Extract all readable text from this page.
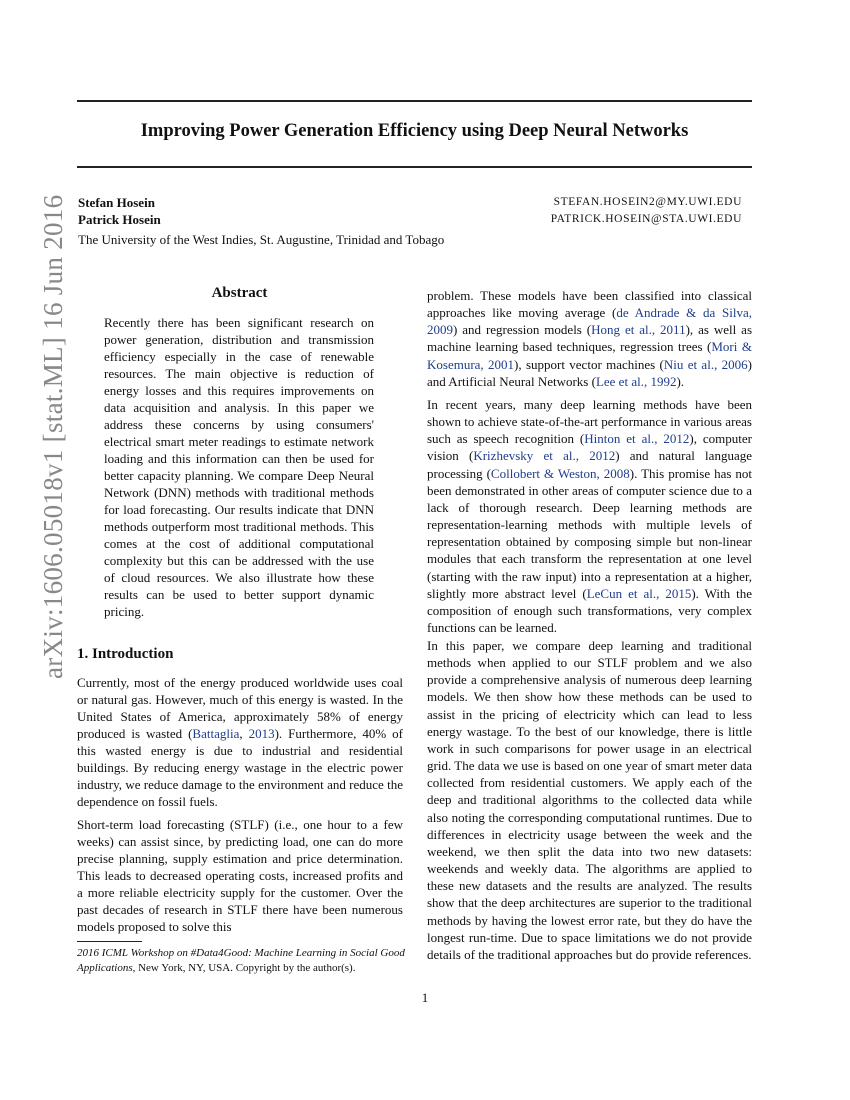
Improving Power Generation Efficiency using Deep Neural Networks
Stefan Hosein	STEFAN.HOSEIN2@MY.UWI.EDU
Patrick Hosein	PATRICK.HOSEIN@STA.UWI.EDU
The University of the West Indies, St. Augustine, Trinidad and Tobago
arXiv:1606.05018v1 [stat.ML] 16 Jun 2016	Abstract
Recently there has been significant research on power generation, distribution and transmission efficiency especially in the case of renewable resources. The main objective is reduction of energy losses and this requires improvements on data acquisition and analysis. In this paper we address these concerns by using consumers' electrical smart meter readings to estimate network loading and this information can then be used for better capacity planning. We compare Deep Neural Network (DNN) methods with traditional methods for load forecasting. Our results indicate that DNN methods outperform most traditional methods. This comes at the cost of additional computational complexity but this can be addressed with the use of cloud resources. We also illustrate how these results can be used to better support dynamic pricing.
1. Introduction

Currently, most of the energy produced worldwide uses coal or natural gas. However, much of this energy is wasted. In the United States of America, approximately 58% of energy produced is wasted (Battaglia, 2013). Furthermore, 40% of this wasted energy is due to industrial and residential buildings. By reducing energy wastage in the electric power industry, we reduce damage to the environment and reduce the dependence on fossil fuels.

Short-term load forecasting (STLF) (i.e., one hour to a few weeks) can assist since, by predicting load, one can do more precise planning, supply estimation and price determination. This leads to decreased operating costs, increased profits and a more reliable electricity supply for the customer. Over the past decades of research in STLF there have been numerous models proposed to solve this

2016 ICML Workshop on #Data4Good: Machine Learning in Social Good Applications, New York, NY, USA. Copyright by the author(s).

problem. These models have been classified into classical approaches like moving average (de Andrade & da Silva, 2009) and regression models (Hong et al., 2011), as well as machine learning based techniques, regression trees (Mori & Kosemura, 2001), support vector machines (Niu et al., 2006) and Artificial Neural Networks (Lee et al., 1992).

In recent years, many deep learning methods have been shown to achieve state-of-the-art performance in various areas such as speech recognition (Hinton et al., 2012), computer vision (Krizhevsky et al., 2012) and natural language processing (Collobert & Weston, 2008). This promise has not been demonstrated in other areas of computer science due to a lack of thorough research. Deep learning methods are representation-learning methods with multiple levels of representation obtained by composing simple but non-linear modules that each transform the representation at one level (starting with the raw input) into a representation at a higher, slightly more abstract level (LeCun et al., 2015). With the composition of enough such transformations, very complex functions can be learned.

In this paper, we compare deep learning and traditional methods when applied to our STLF problem and we also provide a comprehensive analysis of numerous deep learning models. We then show how these methods can be used to assist in the pricing of electricity which can lead to less energy wastage. To the best of our knowledge, there is little work in such comparisons for power usage in an electrical grid. The data we use is based on one year of smart meter data collected from residential customers. We apply each of the deep and traditional algorithms to the collected data while also noting the corresponding computational runtimes. Due to differences in electricity usage between the week and the weekend, we then split the data into two new datasets: weekends and weekly data. The algorithms are applied to these new datasets and the results are analyzed. The results show that the deep architectures are superior to the traditional methods by having the lowest error rate, but they do have the longest run-time. Due to space limitations we do not provide details of the traditional approaches but do provide references.

1
